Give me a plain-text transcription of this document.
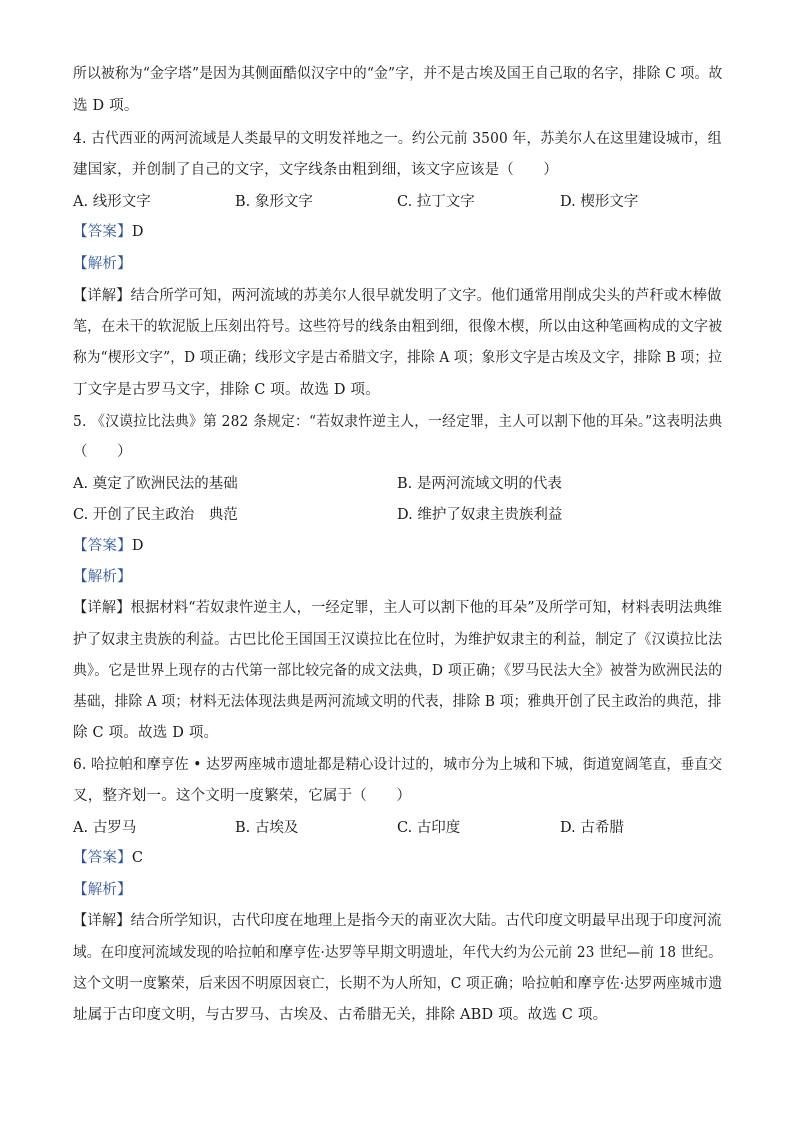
所以被称为“金字塔”是因为其侧面酷似汉字中的“金”字，并不是古埃及国王自己取的名字，排除 C 项。故
选 D 项。
4. 古代西亚的两河流域是人类最早的文明发祥地之一。约公元前 3500 年，苏美尔人在这里建设城市，组
建国家，并创制了自己的文字，文字线条由粗到细，该文字应该是（　　）
A. 线形文字	B. 象形文字	C. 拉丁文字	D. 楔形文字
【答案】D
【解析】
【详解】结合所学可知，两河流域的苏美尔人很早就发明了文字。他们通常用削成尖头的芦秆或木棒做
笔，在未干的软泥版上压刻出符号。这些符号的线条由粗到细，很像木楔，所以由这种笔画构成的文字被
称为“楔形文字”，D 项正确；线形文字是古希腊文字，排除 A 项；象形文字是古埃及文字，排除 B 项；拉
丁文字是古罗马文字，排除 C 项。故选 D 项。
5. 《汉谟拉比法典》第 282 条规定：“若奴隶忤逆主人，一经定罪，主人可以割下他的耳朵。”这表明法典
（　　）
A. 奠定了欧洲民法的基础	B. 是两河流域文明的代表
C. 开创了民主政治　典范	D. 维护了奴隶主贵族利益
【答案】D
【解析】
【详解】根据材料“若奴隶忤逆主人，一经定罪，主人可以割下他的耳朵”及所学可知，材料表明法典维
护了奴隶主贵族的利益。古巴比伦王国国王汉谟拉比在位时，为维护奴隶主的利益，制定了《汉谟拉比法
典》。它是世界上现存的古代第一部比较完备的成文法典，D 项正确；《罗马民法大全》被誉为欧洲民法的
基础，排除 A 项；材料无法体现法典是两河流域文明的代表，排除 B 项；雅典开创了民主政治的典范，排
除 C 项。故选 D 项。
6. 哈拉帕和摩亨佐 • 达罗两座城市遗址都是精心设计过的，城市分为上城和下城，街道宽阔笔直，垂直交
叉，整齐划一。这个文明一度繁荣，它属于（　　）
A. 古罗马	B. 古埃及	C. 古印度	D. 古希腊
【答案】C
【解析】
【详解】结合所学知识，古代印度在地理上是指今天的南亚次大陆。古代印度文明最早出现于印度河流
域。在印度河流域发现的哈拉帕和摩亨佐·达罗等早期文明遗址，年代大约为公元前 23 世纪—前 18 世纪。
这个文明一度繁荣，后来因不明原因衰亡，长期不为人所知，C 项正确；哈拉帕和摩亨佐·达罗两座城市遗
址属于古印度文明，与古罗马、古埃及、古希腊无关，排除 ABD 项。故选 C 项。
